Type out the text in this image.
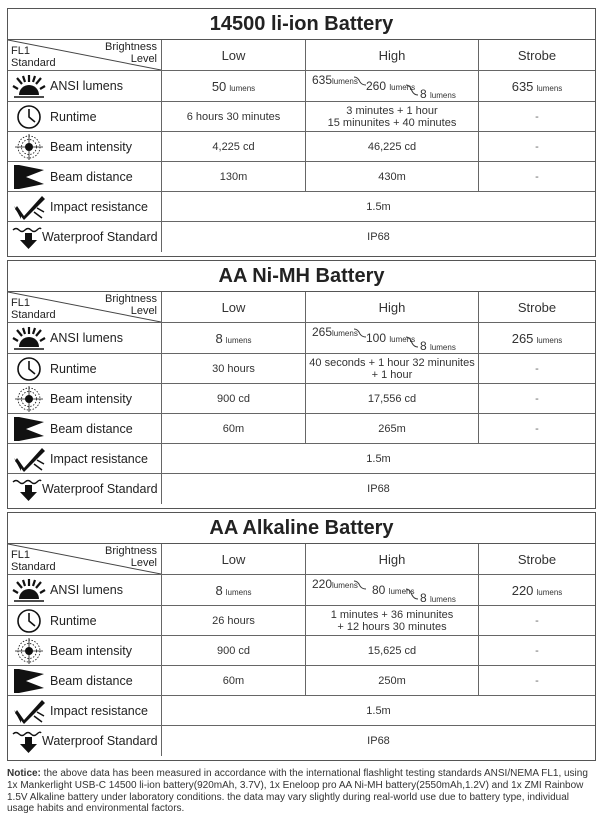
14500 li-ion Battery
Brightness
Level
FL1
Standard	Low	High	Strobe

ANSI lumens	50 lumens	635lumens 260 lumens 8 lumens	635 lumens

Runtime	6 hours 30 minutes	3 minutes + 1 hour
15 minunites + 40 minutes	-

Beam intensity	4,225 cd	46,225 cd	-

Beam distance	130m	430m	-

Impact resistance	1.5m		

Waterproof Standard	IP68		
AA Ni-MH Battery
Brightness
Level
FL1
Standard	Low	High	Strobe

ANSI lumens	8 lumens	265lumens 100 lumens 8 lumens	265 lumens

Runtime	30 hours	40 seconds + 1 hour 32 minunites
+ 1 hour	-

Beam intensity	900 cd	17,556 cd	-

Beam distance	60m	265m	-

Impact resistance	1.5m		

Waterproof Standard	IP68		
AA Alkaline Battery
Brightness
Level
FL1
Standard	Low	High	Strobe

ANSI lumens	8 lumens	220lumens 80 lumens 8 lumens	220 lumens

Runtime	26 hours	1 minutes + 36 minunites
+ 12 hours 30 minutes	-

Beam intensity	900 cd	15,625 cd	-

Beam distance	60m	250m	-

Impact resistance	1.5m		

Waterproof Standard	IP68		
Notice: the above data has been measured in accordance with the international flashlight testing standards ANSI/NEMA FL1, using 1x Mankerlight USB-C 14500 li-ion battery(920mAh, 3.7V), 1x Eneloop pro AA Ni-MH battery(2550mAh,1.2V) and 1x ZMI Rainbow 1.5V Alkaline battery under laboratory conditions. the data may vary slightly during real-world use due to battery type, individual usage habits and environmental factors.
